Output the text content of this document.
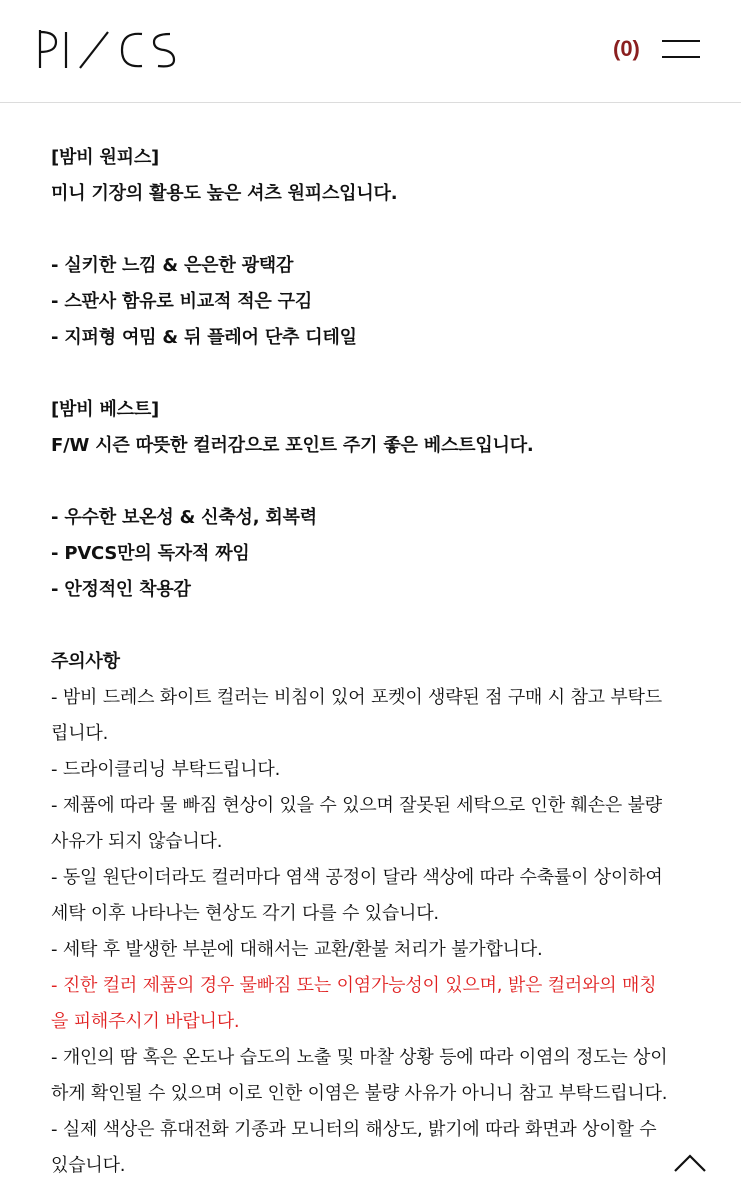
(0)

[밤비 원피스]

미니 기장의 활용도 높은 셔츠 원피스입니다.

- 실키한 느낌 & 은은한 광택감

- 스판사 함유로 비교적 적은 구김

- 지퍼형 여밈 & 뒤 플레어 단추 디테일

[밤비 베스트]

F/W 시즌 따뜻한 컬러감으로 포인트 주기 좋은 베스트입니다.

- 우수한 보온성 & 신축성, 회복력

- PVCS만의 독자적 짜임

- 안정적인 착용감

주의사항

- 밤비 드레스 화이트 컬러는 비침이 있어 포켓이 생략된 점 구매 시 참고 부탁드

립니다.

- 드라이클리닝 부탁드립니다.

- 제품에 따라 물 빠짐 현상이 있을 수 있으며 잘못된 세탁으로 인한 훼손은 불량

사유가 되지 않습니다.

- 동일 원단이더라도 컬러마다 염색 공정이 달라 색상에 따라 수축률이 상이하여

세탁 이후 나타나는 현상도 각기 다를 수 있습니다.

- 세탁 후 발생한 부분에 대해서는 교환/환불 처리가 불가합니다.

- 진한 컬러 제품의 경우 물빠짐 또는 이염가능성이 있으며, 밝은 컬러와의 매칭

을 피해주시기 바랍니다.

- 개인의 땀 혹은 온도나 습도의 노출 및 마찰 상황 등에 따라 이염의 정도는 상이

하게 확인될 수 있으며 이로 인한 이염은 불량 사유가 아니니 참고 부탁드립니다.

- 실제 색상은 휴대전화 기종과 모니터의 해상도, 밝기에 따라 화면과 상이할 수

있습니다.
